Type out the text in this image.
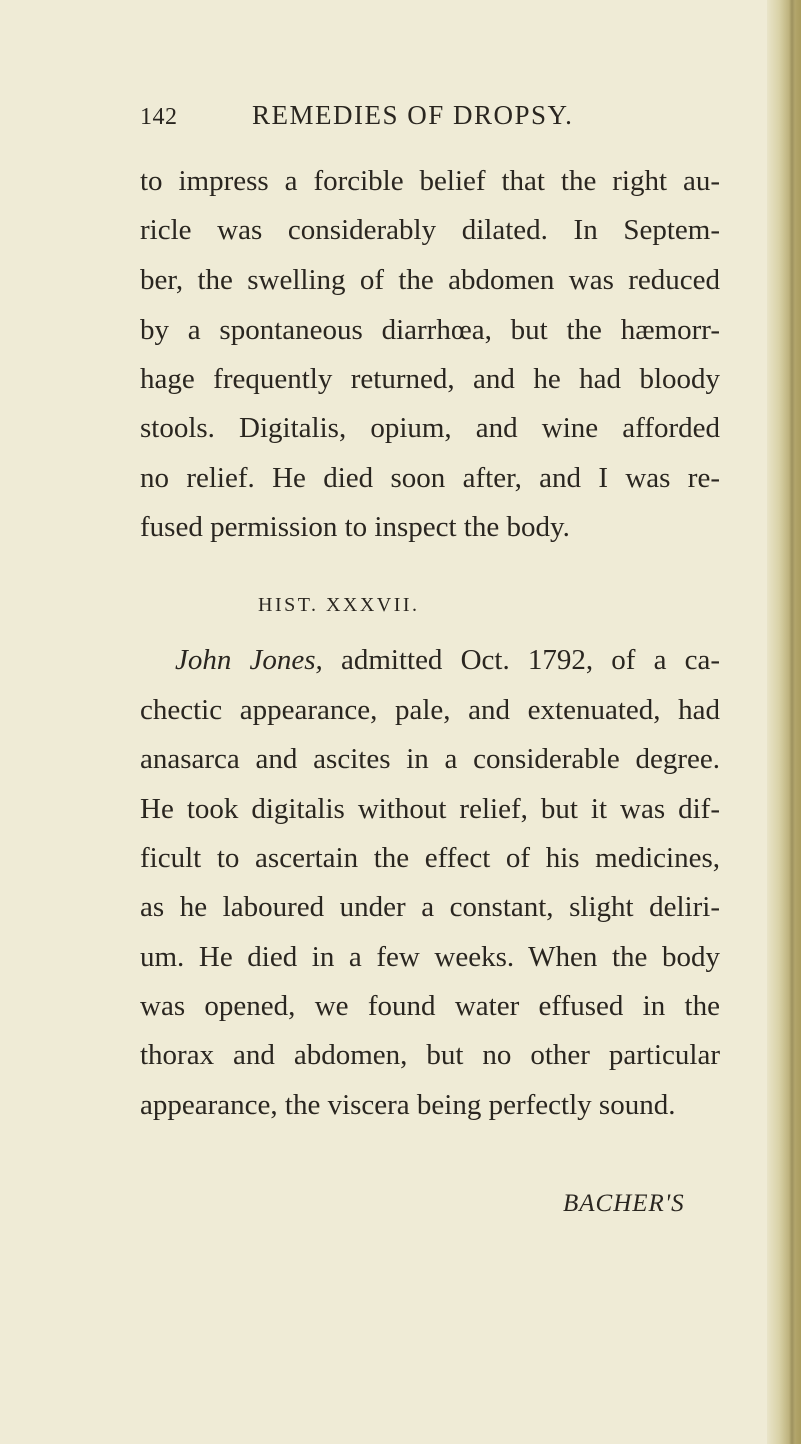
142	REMEDIES OF DROPSY.
to impress a forcible belief that the right au-
ricle was considerably dilated. In Septem-
ber, the swelling of the abdomen was reduced
by a spontaneous diarrhœa, but the hæmorr-
hage frequently returned, and he had bloody
stools. Digitalis, opium, and wine afforded
no relief. He died soon after, and I was re-
fused permission to inspect the body.
HIST. XXXVII.
John Jones, admitted Oct. 1792, of a ca-
chectic appearance, pale, and extenuated, had
anasarca and ascites in a considerable degree.
He took digitalis without relief, but it was dif-
ficult to ascertain the effect of his medicines,
as he laboured under a constant, slight deliri-
um. He died in a few weeks. When the body
was opened, we found water effused in the
thorax and abdomen, but no other particular
appearance, the viscera being perfectly sound.
BACHER'S
